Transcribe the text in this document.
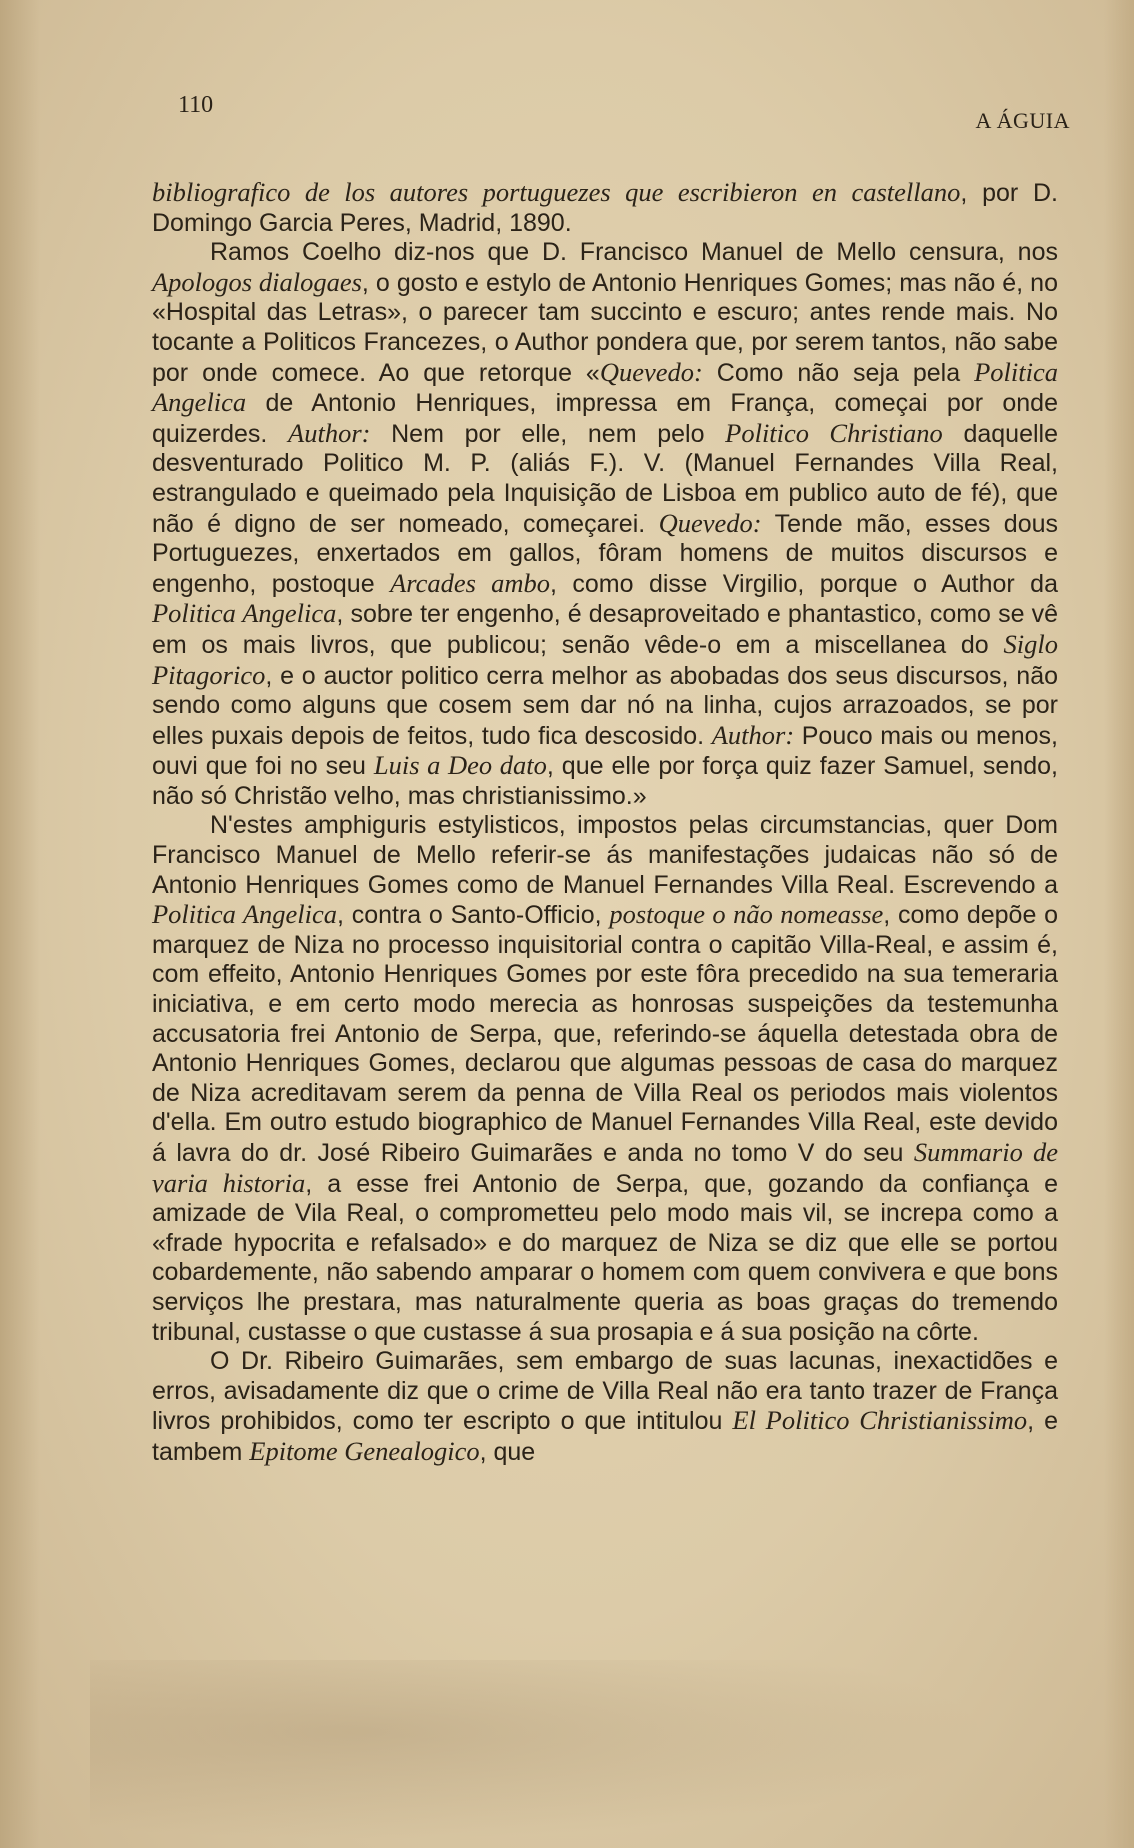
110
A ÁGUIA

bibliografico de los autores portuguezes que escribieron en castellano, por D. Domingo Garcia Peres, Madrid, 1890.

Ramos Coelho diz-nos que D. Francisco Manuel de Mello censura, nos Apologos dialogaes, o gosto e estylo de Antonio Henriques Gomes; mas não é, no «Hospital das Letras», o parecer tam succinto e escuro; antes rende mais. No tocante a Politicos Francezes, o Author pondera que, por serem tantos, não sabe por onde comece. Ao que retorque «Quevedo: Como não seja pela Politica Angelica de Antonio Henriques, impressa em França, começai por onde quizerdes. Author: Nem por elle, nem pelo Politico Christiano daquelle desventurado Politico M. P. (aliás F.). V. (Manuel Fernandes Villa Real, estrangulado e queimado pela Inquisição de Lisboa em publico auto de fé), que não é digno de ser nomeado, começarei. Quevedo: Tende mão, esses dous Portuguezes, enxertados em gallos, fôram homens de muitos discursos e engenho, postoque Arcades ambo, como disse Virgilio, porque o Author da Politica Angelica, sobre ter engenho, é desaproveitado e phantastico, como se vê em os mais livros, que publicou; senão vêde-o em a miscellanea do Siglo Pitagorico, e o auctor politico cerra melhor as abobadas dos seus discursos, não sendo como alguns que cosem sem dar nó na linha, cujos arrazoados, se por elles puxais depois de feitos, tudo fica descosido. Author: Pouco mais ou menos, ouvi que foi no seu Luis a Deo dato, que elle por força quiz fazer Samuel, sendo, não só Christão velho, mas christianissimo.»

N'estes amphiguris estylisticos, impostos pelas circumstancias, quer Dom Francisco Manuel de Mello referir-se ás manifestações judaicas não só de Antonio Henriques Gomes como de Manuel Fernandes Villa Real. Escrevendo a Politica Angelica, contra o Santo-Officio, postoque o não nomeasse, como depõe o marquez de Niza no processo inquisitorial contra o capitão Villa-Real, e assim é, com effeito, Antonio Henriques Gomes por este fôra precedido na sua temeraria iniciativa, e em certo modo merecia as honrosas suspeições da testemunha accusatoria frei Antonio de Serpa, que, referindo-se áquella detestada obra de Antonio Henriques Gomes, declarou que algumas pessoas de casa do marquez de Niza acreditavam serem da penna de Villa Real os periodos mais violentos d'ella. Em outro estudo biographico de Manuel Fernandes Villa Real, este devido á lavra do dr. José Ribeiro Guimarães e anda no tomo V do seu Summario de varia historia, a esse frei Antonio de Serpa, que, gozando da confiança e amizade de Vila Real, o comprometteu pelo modo mais vil, se increpa como a «frade hypocrita e refalsado» e do marquez de Niza se diz que elle se portou cobardemente, não sabendo amparar o homem com quem convivera e que bons serviços lhe prestara, mas naturalmente queria as boas graças do tremendo tribunal, custasse o que custasse á sua prosapia e á sua posição na côrte.

O Dr. Ribeiro Guimarães, sem embargo de suas lacunas, inexactidões e erros, avisadamente diz que o crime de Villa Real não era tanto trazer de França livros prohibidos, como ter escripto o que intitulou El Politico Christianissimo, e tambem Epitome Genealogico, que
